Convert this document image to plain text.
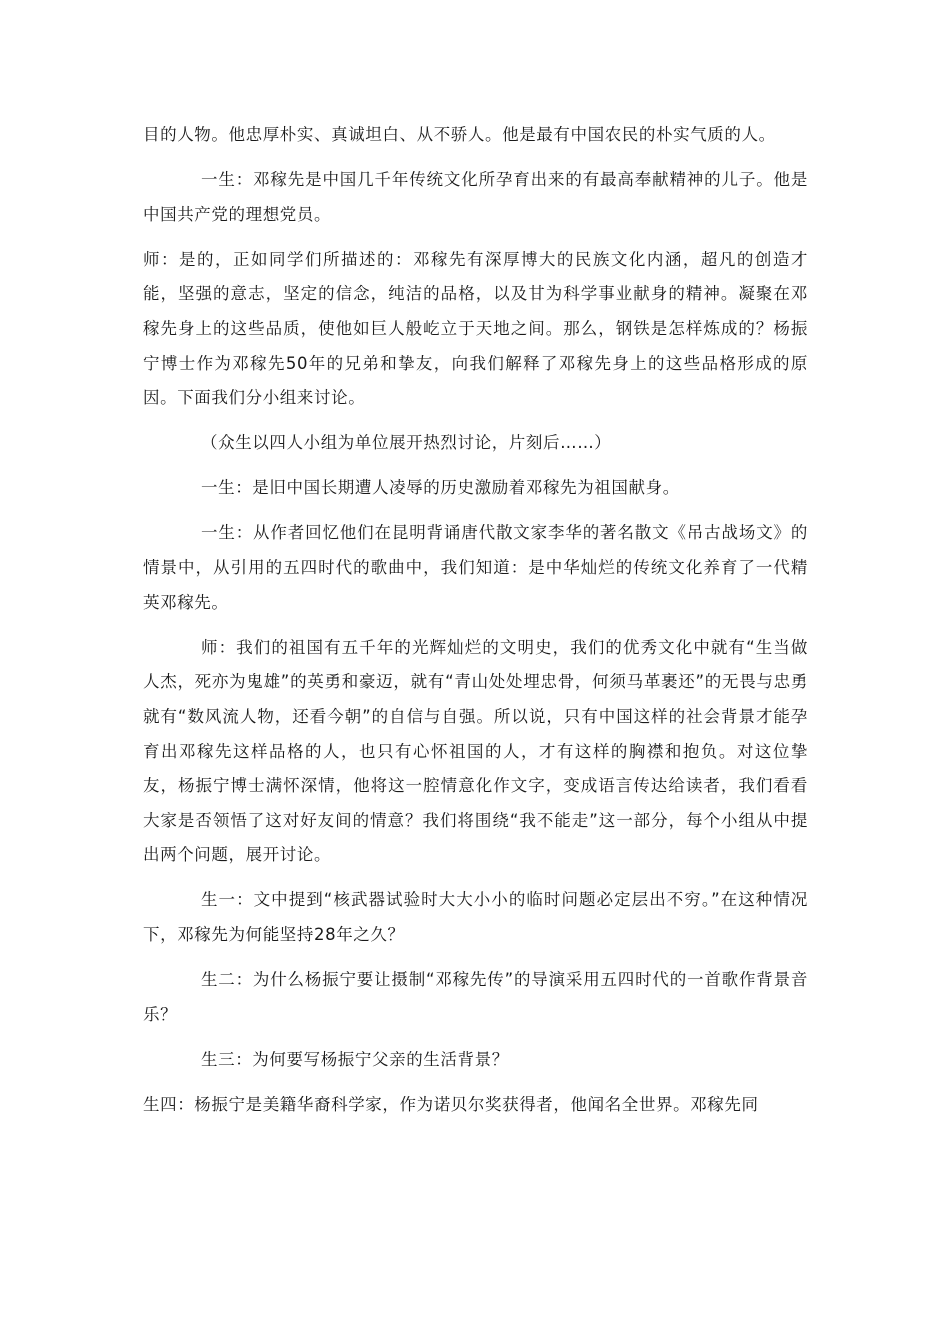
目的人物。他忠厚朴实、真诚坦白、从不骄人。他是最有中国农民的朴实气质的人。

一生：邓稼先是中国几千年传统文化所孕育出来的有最高奉献精神的儿子。他是中国共产党的理想党员。

师：是的，正如同学们所描述的：邓稼先有深厚博大的民族文化内涵，超凡的创造才能，坚强的意志，坚定的信念，纯洁的品格，以及甘为科学事业献身的精神。凝聚在邓稼先身上的这些品质，使他如巨人般屹立于天地之间。那么，钢铁是怎样炼成的？杨振宁博士作为邓稼先50年的兄弟和挚友，向我们解释了邓稼先身上的这些品格形成的原因。下面我们分小组来讨论。

（众生以四人小组为单位展开热烈讨论，片刻后……）

一生：是旧中国长期遭人凌辱的历史激励着邓稼先为祖国献身。

一生：从作者回忆他们在昆明背诵唐代散文家李华的著名散文《吊古战场文》的情景中，从引用的五四时代的歌曲中，我们知道：是中华灿烂的传统文化养育了一代精英邓稼先。

师：我们的祖国有五千年的光辉灿烂的文明史，我们的优秀文化中就有“生当做人杰，死亦为鬼雄”的英勇和豪迈，就有“青山处处埋忠骨，何须马革裹还”的无畏与忠勇就有“数风流人物，还看今朝”的自信与自强。所以说，只有中国这样的社会背景才能孕育出邓稼先这样品格的人，也只有心怀祖国的人，才有这样的胸襟和抱负。对这位挚友，杨振宁博士满怀深情，他将这一腔情意化作文字，变成语言传达给读者，我们看看大家是否领悟了这对好友间的情意？我们将围绕“我不能走”这一部分，每个小组从中提出两个问题，展开讨论。

生一：文中提到“核武器试验时大大小小的临时问题必定层出不穷。”在这种情况下，邓稼先为何能坚持28年之久？

生二：为什么杨振宁要让摄制“邓稼先传”的导演采用五四时代的一首歌作背景音乐？

生三：为何要写杨振宁父亲的生活背景？

生四：杨振宁是美籍华裔科学家，作为诺贝尔奖获得者，他闻名全世界。邓稼先同
